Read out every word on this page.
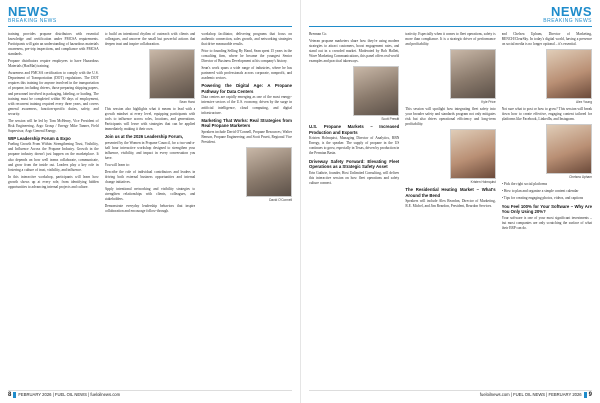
NEWS
BREAKING NEWS

training provides propane distributors with essential knowledge and certification under FMCSA requirements. Participants will gain an understanding of hazardous materials awareness, pre-trip inspections, and compliance with FMCSA standards.

Propane distributors require employees to have Hazardous Materials (HazMat) training.

Awareness and FMCSA certification to comply with the U.S. Department of Transportation (DOT) regulations. The DOT requires this training for anyone involved in the transportation of propane, including drivers, those preparing shipping papers, and personnel involved in packaging, labeling, or loading. The training must be completed within 90 days of employment, with recurrent training required every three years, and covers general awareness, function-specific duties, safety, and security.

The session will be led by Tom McHenry, Vice President of Risk Engineering, Argo Group / Energy Mike Tanner, Field Supervisor, Argo General Energy.

WIP Leadership Forum & Expo

Fueling Growth From Within: Strengthening Trust, Visibility, and Influence Across the Propane Industry. Growth in the propane industry doesn't just happen on the marketplace. It also depends on how well teams collaborate, communicate, and grow from the inside out. Leaders play a key role in fostering a culture of trust, visibility, and influence.

In this interactive workshop, participants will learn how growth shows up at every role, from identifying hidden opportunities to advancing internal projects and culture.

to build an intentional rhythm of outreach with clients and colleagues, and uncover the small but powerful actions that deepen trust and inspire collaboration.

Sean Hand

This session also highlights what it means to lead with a growth mindset at every level, equipping participants with tools to influence across roles, locations, and generations. Participants will leave with strategies that can be applied immediately, making it their own.

Join us at the 2026 Leadership Forum,

presented by the Women in Propane Council, for a two-and-a-half hour interactive workshop designed to strengthen your influence, visibility, and impact in every conversation you have.

You will learn to:

Describe the role of individual contributors and leaders in driving both external business opportunities and internal change initiatives.

Apply intentional networking and visibility strategies to strengthen relationships with clients, colleagues, and stakeholders.

Demonstrate everyday leadership behaviors that inspire collaboration and encourage follow-through.

workshop facilitator, delivering programs that focus on authentic connection, sales growth, and networking strategies that drive measurable results.

Prior to founding Selling By Hand, Sean spent 15 years in the consulting firm, where he became the youngest Senior Director of Business Development at his company's history.

Sean's work spans a wide range of industries, where he has partnered with professionals across corporate, nonprofit, and academic sectors.

Powering the Digital Age: A Propane Pathway for Data Centers

Data centers are rapidly emerging as one of the most energy-intensive sectors of the U.S. economy, driven by the surge in artificial intelligence, cloud computing, and digital infrastructure.

Marketing That Works: Real Strategies from Real Propane Marketers

Speakers include David O'Connell, Propane Resources; Walter Benson, Propane Engineering; and Scott Pruett, Regional Vice President.

David O'Connell
8 FEBRUARY 2026 | FUEL OIL NEWS | fueloilnews.com
NEWS
BREAKING NEWS

Brennan Co.

Veteran propane marketers share how they're using modern strategies to attract customers, boost engagement rates, and stand out in a crowded market. Moderated by Bob Hallett, Wave Marketing Communications, this panel offers real-world examples and practical takeaways.

Scott Prewitt
U.S. Propane Markets – Increased Production and Exports

Kristen Holmquist, Managing Director of Analytics, RBN Energy, is the speaker. The supply of propane in the US continues to grow, especially in Texas, driven by production in the Permian Basin.

Driveway Safety Forward: Elevating Fleet Operations as a Strategic Safety Asset

Erin Guthrie, founder, Host Unlimited Consulting, will deliver this interactive session on how fleet operations and safety culture connect.

trativity. Especially when it comes to fleet operations, safety is more than compliance. It is a strategic driver of performance and profitability.

Kyle Price

This session will spotlight how integrating fleet safety into your broader safety and standards program not only mitigates risk but also drives operational efficiency and long-term profitability.

Kristen Holmquist
The Residential Heating Market – What's Around the Bend

Speakers will include Alex Reardon, Director of Marketing, R.E. Michel, and Jim Reardon, President, Reardon Services.

and Chelsea Upham, Director of Marketing, BENCH/ClearSky. In today's digital world, having a presence on social media is no longer optional – it's essential.

Alex Young

Not sure what to post or how to grow? This session will break down how to create effective, engaging content tailored for platforms like Facebook, LinkedIn, and Instagram.

Chelsea Upham

• Pick the right social platforms

• How to plan and organize a simple content calendar

• Tips for creating engaging photos, videos, and captions

You Feel 100% for Your Software – Why Are You Only Using 20%?

Your software is one of your most significant investments – but most companies are only scratching the surface of what their ERP can do.

fueloilnews.com | FUEL OIL NEWS | FEBRUARY 2026 9
